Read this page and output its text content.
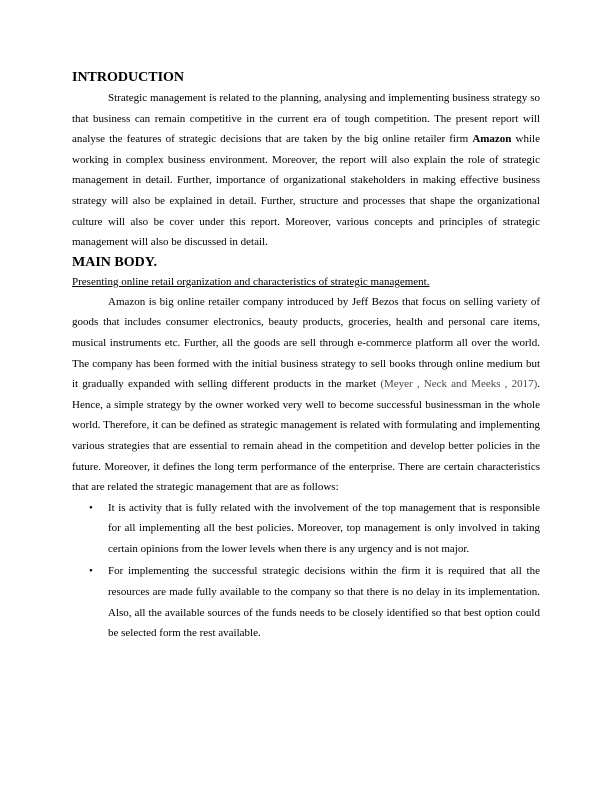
INTRODUCTION

Strategic management is related to the planning, analysing and implementing business strategy so that business can remain competitive in the current era of tough competition. The present report will analyse the features of strategic decisions that are taken by the big online retailer firm Amazon while working in complex business environment. Moreover, the report will also explain the role of strategic management in detail. Further, importance of organizational stakeholders in making effective business strategy will also be explained in detail. Further, structure and processes that shape the organizational culture will also be cover under this report. Moreover, various concepts and principles of strategic management will also be discussed in detail.

MAIN BODY.

Presenting online retail organization and characteristics of strategic management.

Amazon is big online retailer company introduced by Jeff Bezos that focus on selling variety of goods that includes consumer electronics, beauty products, groceries, health and personal care items, musical instruments etc. Further, all the goods are sell through e-commerce platform all over the world. The company has been formed with the initial business strategy to sell books through online medium but it gradually expanded with selling different products in the market (Meyer , Neck and Meeks , 2017). Hence, a simple strategy by the owner worked very well to become successful businessman in the whole world. Therefore, it can be defined as strategic management is related with formulating and implementing various strategies that are essential to remain ahead in the competition and develop better policies in the future. Moreover, it defines the long term performance of the enterprise. There are certain characteristics that are related the strategic management that are as follows:

• It is activity that is fully related with the involvement of the top management that is responsible for all implementing all the best policies. Moreover, top management is only involved in taking certain opinions from the lower levels when there is any urgency and is not major.
• For implementing the successful strategic decisions within the firm it is required that all the resources are made fully available to the company so that there is no delay in its implementation. Also, all the available sources of the funds needs to be closely identified so that best option could be selected form the rest available.
